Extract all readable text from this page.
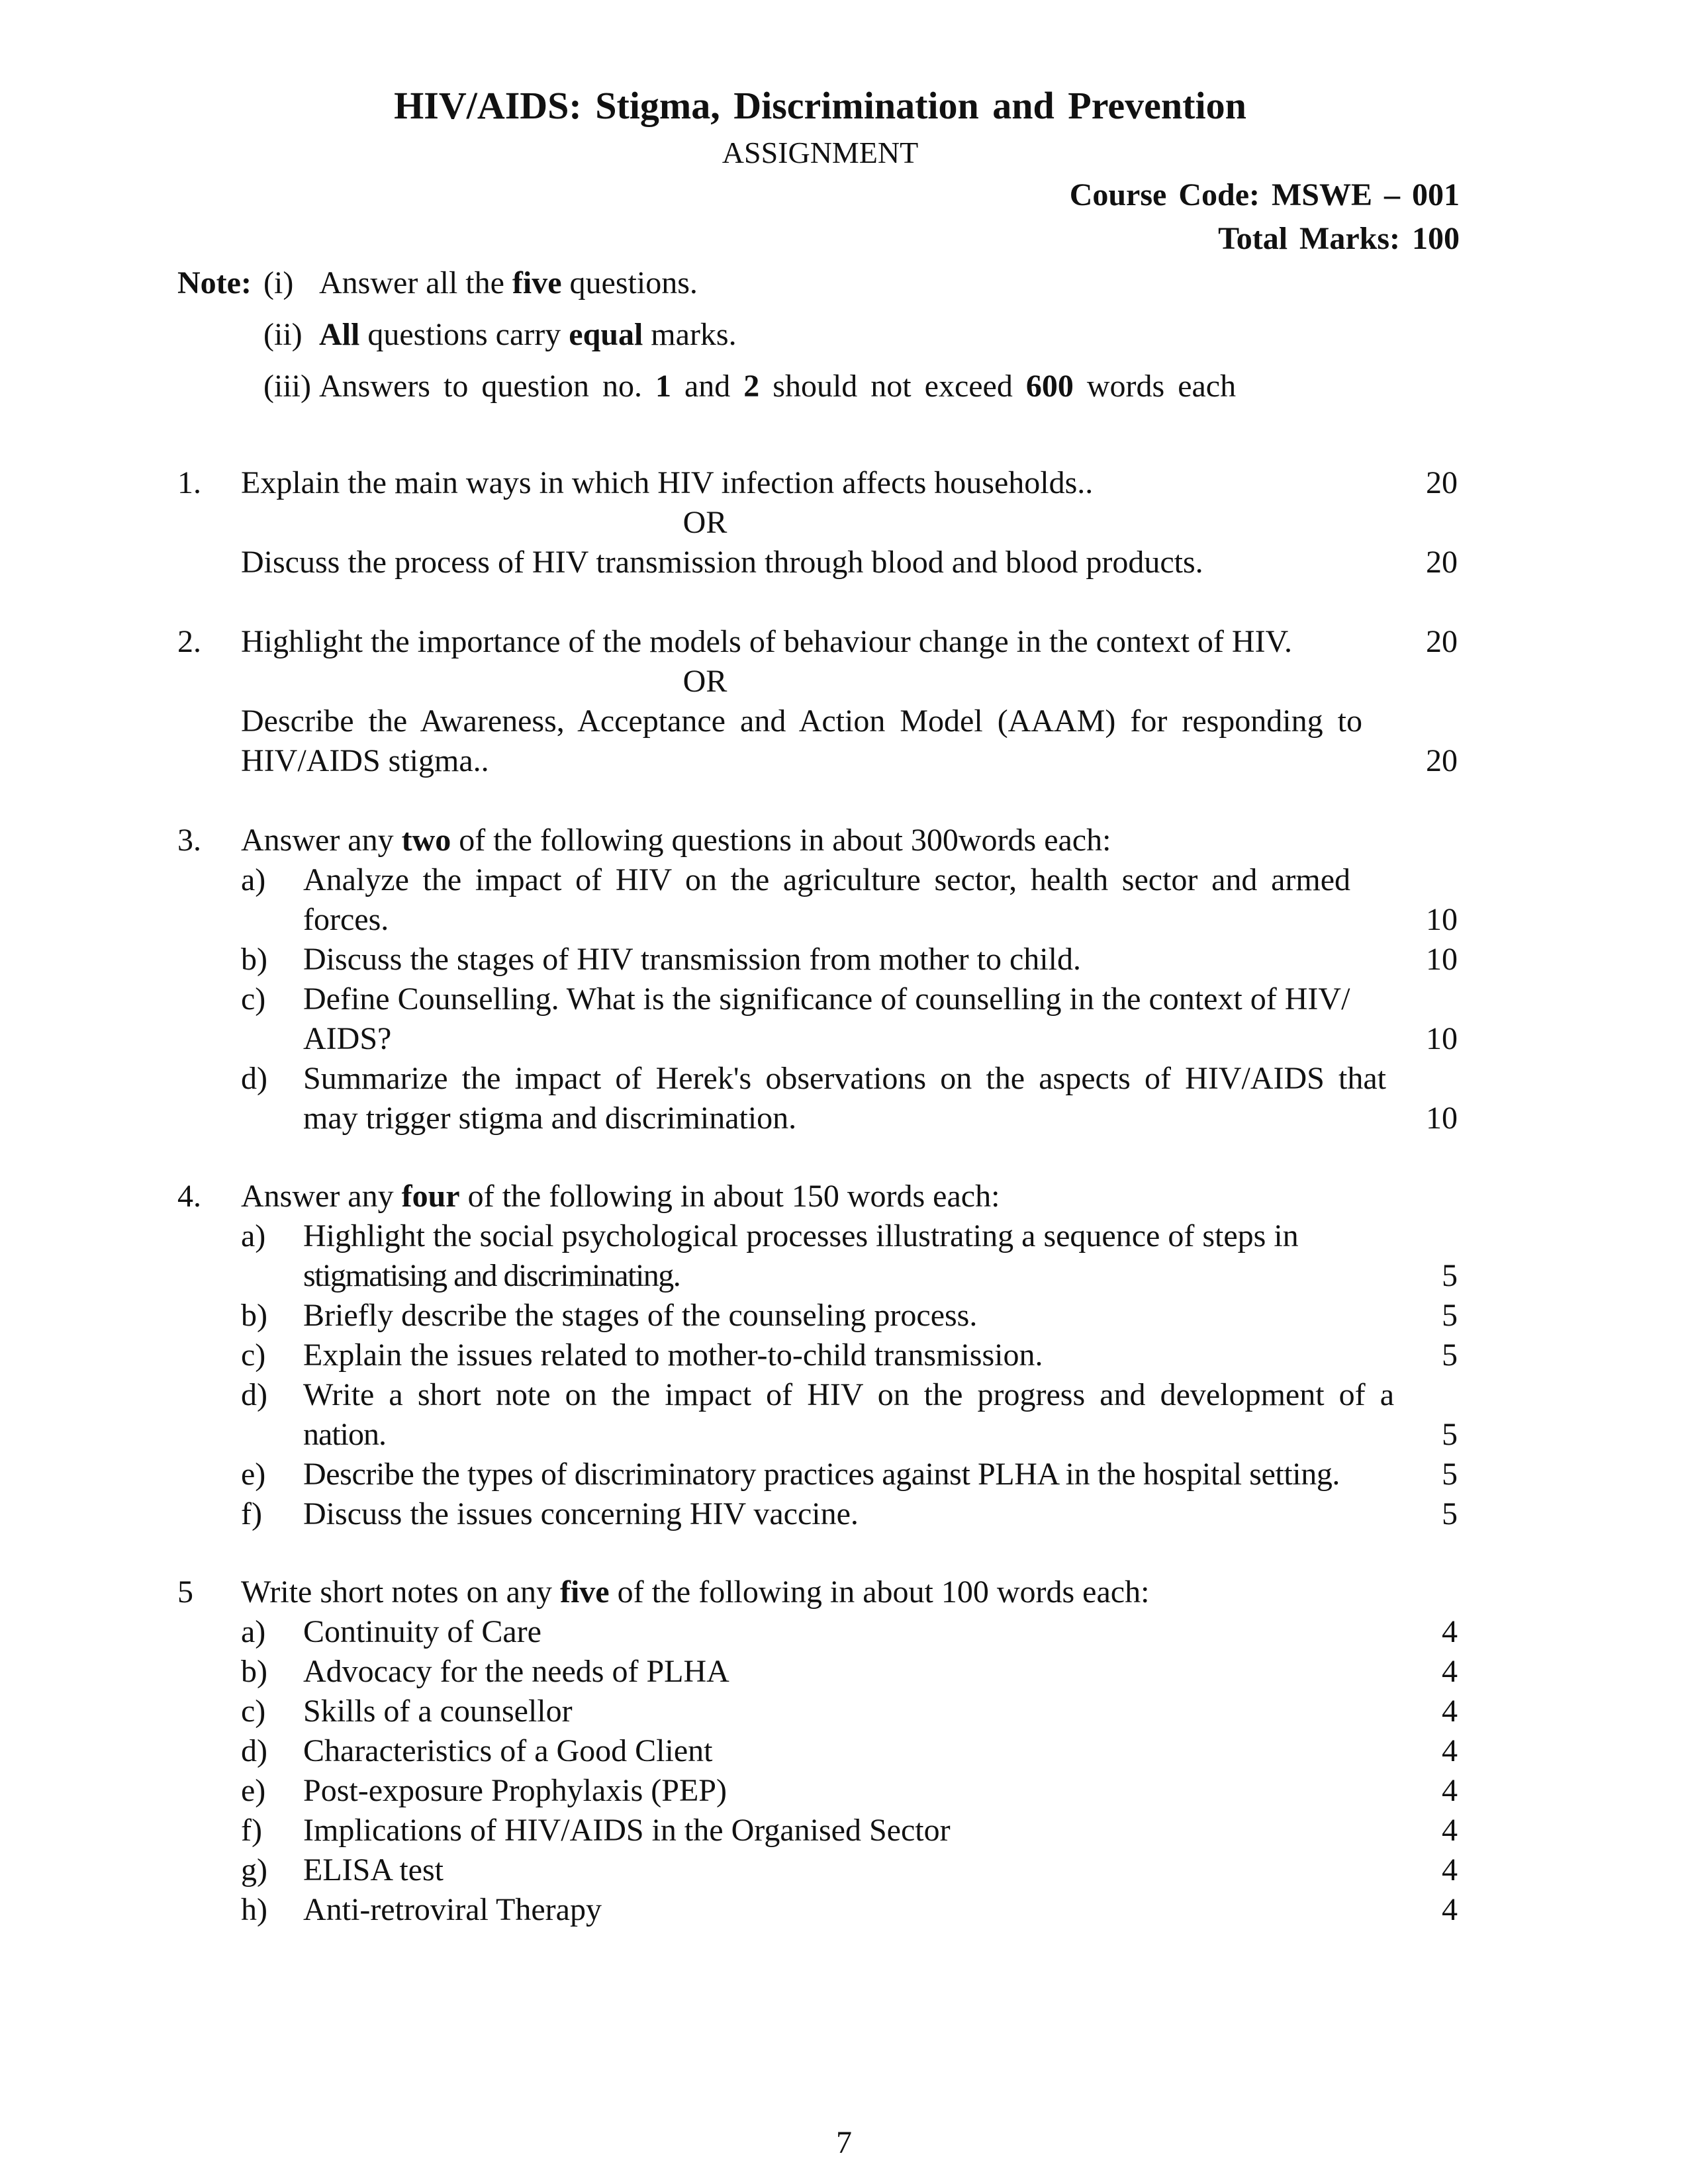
HIV/AIDS: Stigma, Discrimination and Prevention
ASSIGNMENT
Course Code: MSWE – 001
Total Marks: 100
Note: (i) Answer all the five questions.
(ii) All questions carry equal marks.
(iii) Answers to question no. 1 and 2 should not exceed 600 words each
1. Explain the main ways in which HIV infection affects households..	20
OR
Discuss the process of HIV transmission through blood and blood products.	20
2. Highlight the importance of the models of behaviour change in the context of HIV.	20
OR
Describe the Awareness, Acceptance and Action Model (AAAM) for responding to
HIV/AIDS stigma..	20
3. Answer any two of the following questions in about 300words each:
a) Analyze the impact of HIV on the agriculture sector, health sector and armed
forces.	10
b) Discuss the stages of HIV transmission from mother to child.	10
c) Define Counselling. What is the significance of counselling in the context of HIV/
AIDS?	10
d) Summarize the impact of Herek's observations on the aspects of HIV/AIDS that
may trigger stigma and discrimination.	10
4. Answer any four of the following in about 150 words each:
a) Highlight the social psychological processes illustrating a sequence of steps in
stigmatising and discriminating.	5
b) Briefly describe the stages of the counseling process.	5
c) Explain the issues related to mother-to-child transmission.	5
d) Write a short note on the impact of HIV on the progress and development of a
nation.	5
e) Describe the types of discriminatory practices against PLHA in the hospital setting.	5
f) Discuss the issues concerning HIV vaccine.	5
5 Write short notes on any five of the following in about 100 words each:
a) Continuity of Care	4
b) Advocacy for the needs of PLHA	4
c) Skills of a counsellor	4
d) Characteristics of a Good Client	4
e) Post-exposure Prophylaxis (PEP)	4
f) Implications of HIV/AIDS in the Organised Sector	4
g) ELISA test	4
h) Anti-retroviral Therapy	4
7
